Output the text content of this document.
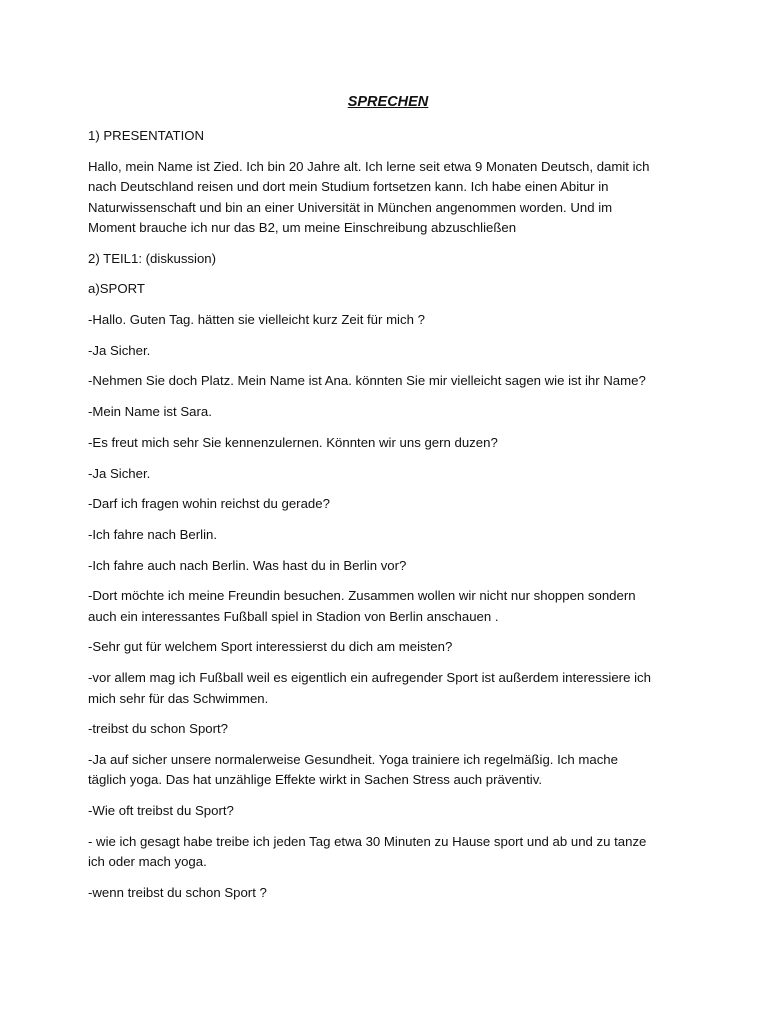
SPRECHEN
1) PRESENTATION
Hallo, mein Name ist Zied. Ich bin 20 Jahre alt. Ich lerne seit etwa 9 Monaten Deutsch, damit ich
nach Deutschland reisen und dort mein Studium fortsetzen kann. Ich habe einen Abitur in
Naturwissenschaft und bin an einer Universität in München angenommen worden. Und im
Moment brauche ich nur das B2, um meine Einschreibung abzuschließen
2) TEIL1: (diskussion)
a)SPORT
-Hallo. Guten Tag. hätten sie vielleicht kurz Zeit für mich ?
-Ja Sicher.
-Nehmen Sie doch Platz. Mein Name ist Ana. könnten Sie mir vielleicht sagen wie ist ihr Name?
-Mein Name ist Sara.
-Es freut mich sehr Sie kennenzulernen. Könnten wir uns gern duzen?
-Ja Sicher.
-Darf ich fragen wohin reichst du gerade?
-Ich fahre nach Berlin.
-Ich fahre auch nach Berlin. Was hast du in Berlin vor?
-Dort möchte ich meine Freundin besuchen. Zusammen wollen wir nicht nur shoppen sondern
auch ein interessantes Fußball spiel in Stadion von Berlin anschauen .
-Sehr gut für welchem Sport interessierst du dich am meisten?
-vor allem mag ich Fußball weil es eigentlich ein aufregender Sport ist außerdem interessiere ich
mich sehr für das Schwimmen.
-treibst du schon Sport?
-Ja auf sicher unsere normalerweise Gesundheit. Yoga trainiere ich regelmäßig. Ich mache
täglich yoga. Das hat unzählige Effekte wirkt in Sachen Stress auch präventiv.
-Wie oft treibst du Sport?
- wie ich gesagt habe treibe ich jeden Tag etwa 30 Minuten zu Hause sport und ab und zu tanze
ich oder mach yoga.
-wenn treibst du schon Sport ?
